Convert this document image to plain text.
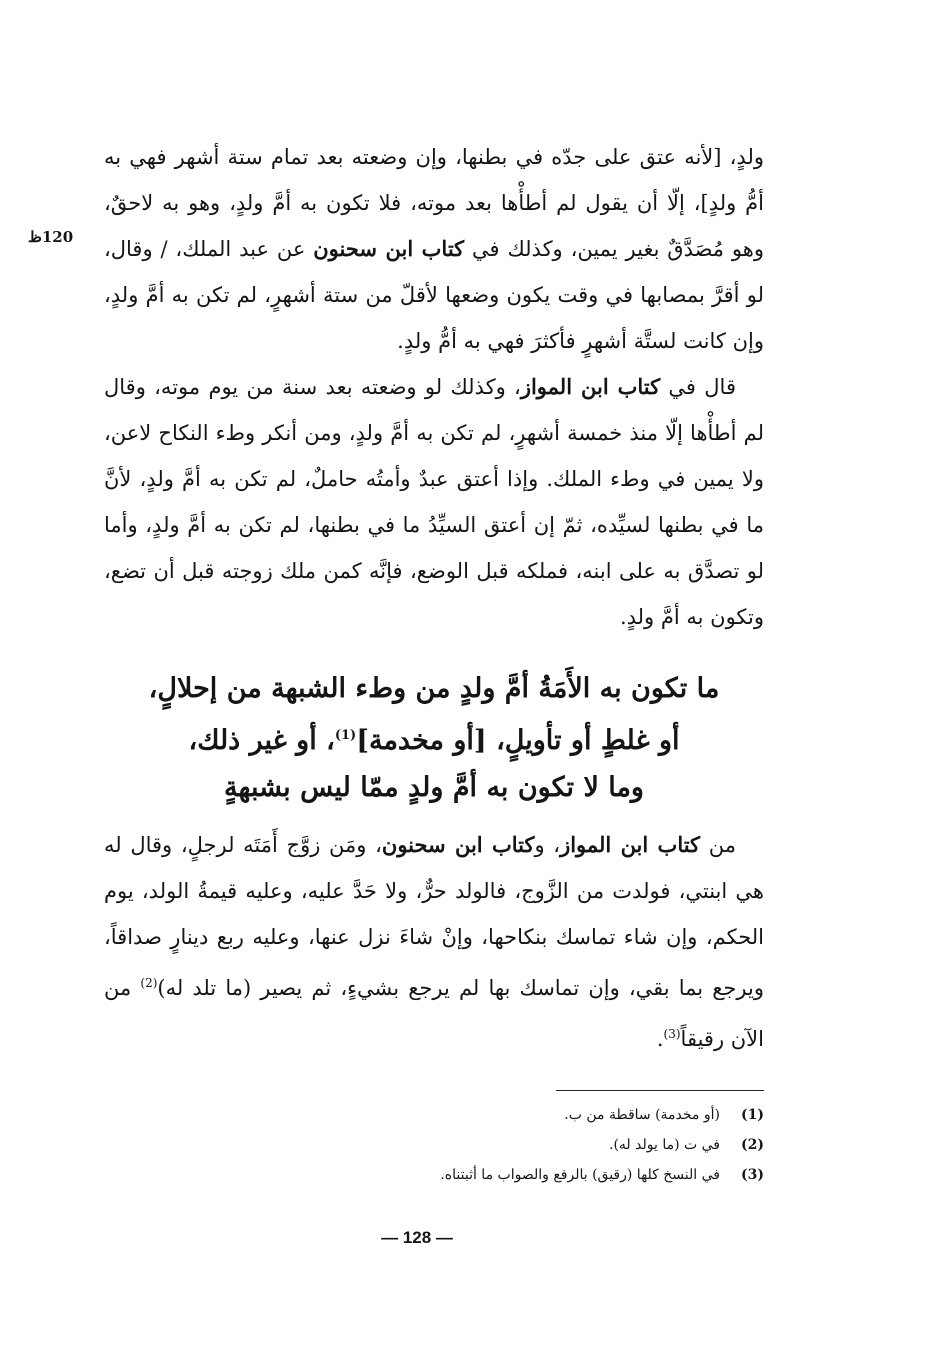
120ظ

ولدٍ، [لأنه عتق على جدّه في بطنها، وإن وضعته بعد تمام ستة أشهر فهي به أمُّ ولدٍ]، إلّا أن يقول لم أطأْها بعد موته، فلا تكون به أمَّ ولدٍ، وهو به لاحقٌ، وهو مُصَدَّقٌ بغير يمين، وكذلك في كتاب ابن سحنون عن عبد الملك، / وقال، لو أقرَّ بمصابها في وقت يكون وضعها لأقلّ من ستة أشهرٍ، لم تكن به أمَّ ولدٍ، وإن كانت لستَّة أشهرٍ فأكثرَ فهي به أمُّ ولدٍ.

قال في كتاب ابن المواز، وكذلك لو وضعته بعد سنة من يوم موته، وقال لم أطأْها إلّا منذ خمسة أشهرٍ، لم تكن به أمَّ ولدٍ، ومن أنكر وطء النكاح لاعن، ولا يمين في وطء الملك. وإذا أعتق عبدٌ وأمتُه حاملٌ، لم تكن به أمَّ ولدٍ، لأنَّ ما في بطنها لسيِّده، ثمّ إن أعتق السيِّدُ ما في بطنها، لم تكن به أمَّ ولدٍ، وأما لو تصدَّق به على ابنه، فملكه قبل الوضع، فإنَّه كمن ملك زوجته قبل أن تضع، وتكون به أمَّ ولدٍ.

ما تكون به الأَمَةُ أمَّ ولدٍ من وطء الشبهة من إحلالٍ،
أو غلطٍ أو تأويلٍ، [أو مخدمة]$^{(1)}$، أو غير ذلك،
وما لا تكون به أمَّ ولدٍ ممّا ليس بشبهةٍ

من كتاب ابن المواز، وكتاب ابن سحنون، ومَن زوَّج أَمَتَه لرجلٍ، وقال له هي ابنتي، فولدت من الزَّوج، فالولد حرٌّ، ولا حَدَّ عليه، وعليه قيمةُ الولد، يوم الحكم، وإن شاء تماسك بنكاحها، وإنْ شاءَ نزل عنها، وعليه ربع دينارٍ صداقاً، ويرجع بما بقي، وإن تماسك بها لم يرجع بشيءٍ، ثم يصير (ما تلد له)$^{(2)}$ من الآن رقيقاً$^{(3)}$.

(1)
(أو مخدمة) ساقطة من ب.
(2)
في ت (ما يولد له).
(3)
في النسخ كلها (رقيق) بالرفع والصواب ما أثبتناه.
— 128 —
